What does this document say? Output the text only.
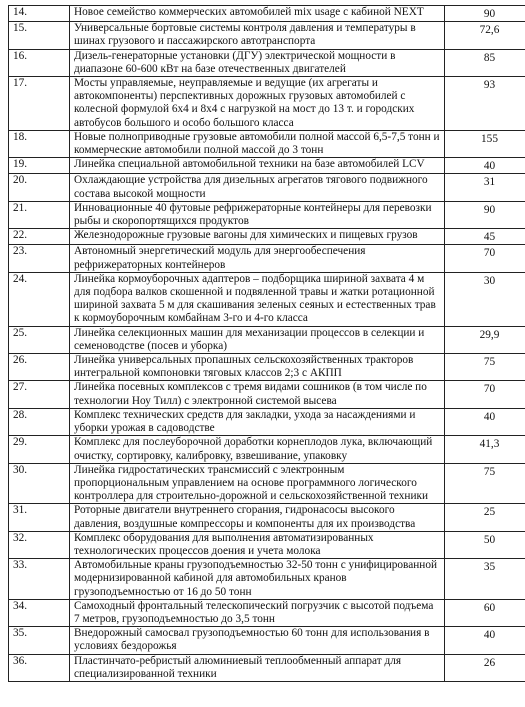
14.	Новое семейство коммерческих автомобилей mix usage с кабиной NEXT	90
15.	Универсальные бортовые системы контроля давления и температуры в шинах грузового и пассажирского автотранспорта	72,6
16.	Дизель-генераторные установки (ДГУ) электрической мощности в диапазоне 60-600 кВт на базе отечественных двигателей	85
17.	Мосты управляемые, неуправляемые и ведущие (их агрегаты и автокомпоненты) перспективных дорожных грузовых автомобилей с колесной формулой 6х4 и 8х4 с нагрузкой на мост до 13 т. и городских автобусов большого и особо большого класса	93
18.	Новые полноприводные грузовые автомобили полной массой 6,5-7,5 тонн и коммерческие автомобили полной массой до 3 тонн	155
19.	Линейка специальной автомобильной техники на базе автомобилей LCV	40
20.	Охлаждающие устройства для дизельных агрегатов тягового подвижного состава высокой мощности	31
21.	Инновационные 40 футовые рефрижераторные контейнеры для перевозки рыбы и скоропортящихся продуктов	90
22.	Железнодорожные грузовые вагоны для химических и пищевых грузов	45
23.	Автономный энергетический модуль для энергообеспечения рефрижераторных контейнеров	70
24.	Линейка кормоуборочных адаптеров – подборщика шириной захвата 4 м для подбора валков скошенной и подвяленной травы и жатки ротационной шириной захвата 5 м для скашивания зеленых сеяных и естественных трав к кормоуборочным комбайнам 3-го и 4-го класса	30
25.	Линейка селекционных машин для механизации процессов в селекции и семеноводстве (посев и уборка)	29,9
26.	Линейка универсальных пропашных сельскохозяйственных тракторов интегральной компоновки тяговых классов 2;3 с АКПП	75
27.	Линейка посевных комплексов с тремя видами сошников (в том числе по технологии Ноу Тилл) с электронной системой высева	70
28.	Комплекс технических средств для закладки, ухода за насаждениями и уборки урожая в садоводстве	40
29.	Комплекс для послеуборочной доработки корнеплодов лука, включающий очистку, сортировку, калибровку, взвешивание, упаковку	41,3
30.	Линейка гидростатических трансмиссий с электронным пропорциональным управлением на основе программного логического контроллера для строительно-дорожной и сельскохозяйственной техники	75
31.	Роторные двигатели внутреннего сгорания, гидронасосы высокого давления, воздушные компрессоры и компоненты для их производства	25
32.	Комплекс оборудования для выполнения автоматизированных технологических процессов доения и учета молока	50
33.	Автомобильные краны грузоподъемностью 32-50 тонн с унифицированной модернизированной кабиной для автомобильных кранов грузоподъемностью от 16 до 50 тонн	35
34.	Самоходный фронтальный телескопический погрузчик с высотой подъема 7 метров, грузоподъемностью до 3,5 тонн	60
35.	Внедорожный самосвал грузоподъемностью 60 тонн для использования в условиях бездорожья	40
36.	Пластинчато-ребристый алюминиевый теплообменный аппарат для специализированной техники	26
